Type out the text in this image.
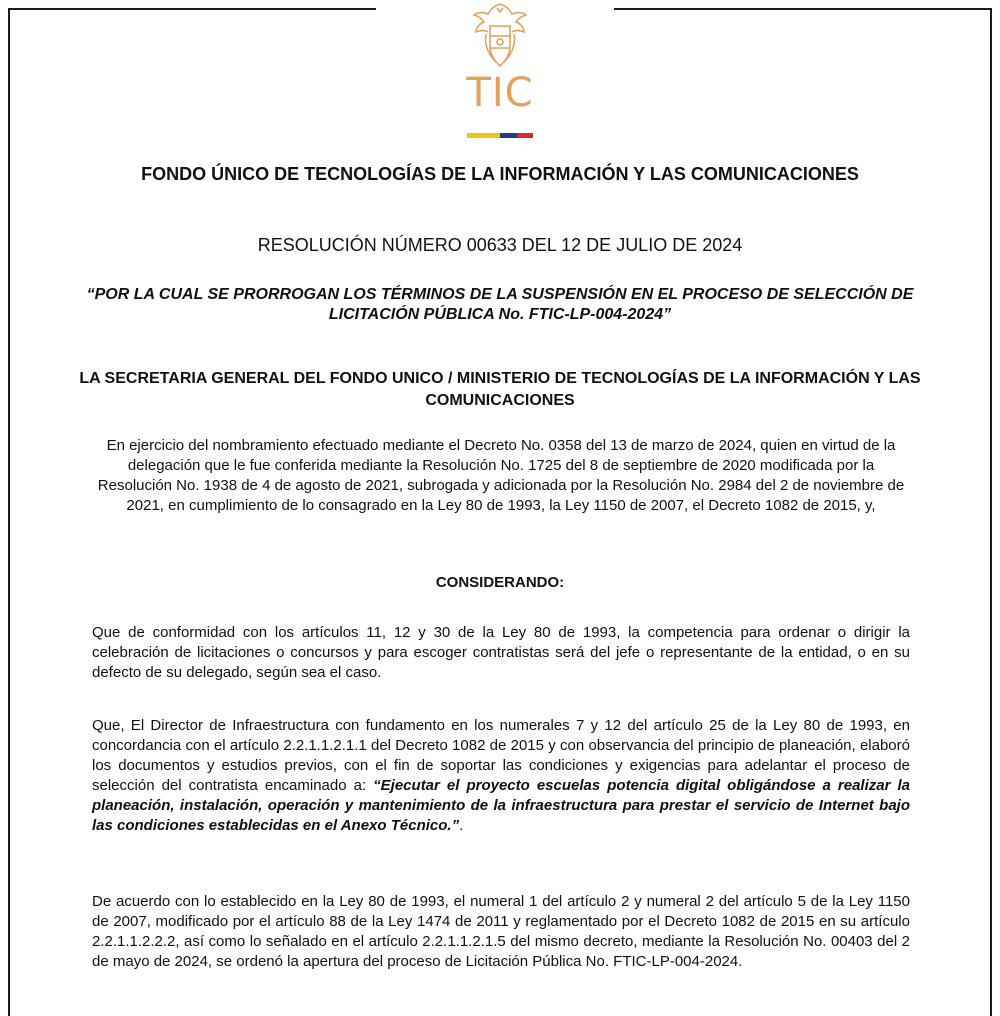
TIC
FONDO ÚNICO DE TECNOLOGÍAS DE LA INFORMACIÓN Y LAS COMUNICACIONES
RESOLUCIÓN NÚMERO 00633 DEL 12 DE JULIO DE 2024
“POR LA CUAL SE PRORROGAN LOS TÉRMINOS DE LA SUSPENSIÓN EN EL PROCESO DE SELECCIÓN DE LICITACIÓN PÚBLICA No. FTIC-LP-004-2024”
LA SECRETARIA GENERAL DEL FONDO UNICO / MINISTERIO DE TECNOLOGÍAS DE LA INFORMACIÓN Y LAS COMUNICACIONES
En ejercicio del nombramiento efectuado mediante el Decreto No. 0358 del 13 de marzo de 2024, quien en virtud de la delegación que le fue conferida mediante la Resolución No. 1725 del 8 de septiembre de 2020 modificada por la Resolución No. 1938 de 4 de agosto de 2021, subrogada y adicionada por la Resolución No. 2984 del 2 de noviembre de 2021, en cumplimiento de lo consagrado en la Ley 80 de 1993, la Ley 1150 de 2007, el Decreto 1082 de 2015, y,
CONSIDERANDO:
Que de conformidad con los artículos 11, 12 y 30 de la Ley 80 de 1993, la competencia para ordenar o dirigir la celebración de licitaciones o concursos y para escoger contratistas será del jefe o representante de la entidad, o en su defecto de su delegado, según sea el caso.
Que, El Director de Infraestructura con fundamento en los numerales 7 y 12 del artículo 25 de la Ley 80 de 1993, en concordancia con el artículo 2.2.1.1.2.1.1 del Decreto 1082 de 2015 y con observancia del principio de planeación, elaboró los documentos y estudios previos, con el fin de soportar las condiciones y exigencias para adelantar el proceso de selección del contratista encaminado a: “Ejecutar el proyecto escuelas potencia digital obligándose a realizar la planeación, instalación, operación y mantenimiento de la infraestructura para prestar el servicio de Internet bajo las condiciones establecidas en el Anexo Técnico.”.
De acuerdo con lo establecido en la Ley 80 de 1993, el numeral 1 del artículo 2 y numeral 2 del artículo 5 de la Ley 1150 de 2007, modificado por el artículo 88 de la Ley 1474 de 2011 y reglamentado por el Decreto 1082 de 2015 en su artículo 2.2.1.1.2.2.2, así como lo señalado en el artículo 2.2.1.1.2.1.5 del mismo decreto, mediante la Resolución No. 00403 del 2 de mayo de 2024, se ordenó la apertura del proceso de Licitación Pública No. FTIC-LP-004-2024.
